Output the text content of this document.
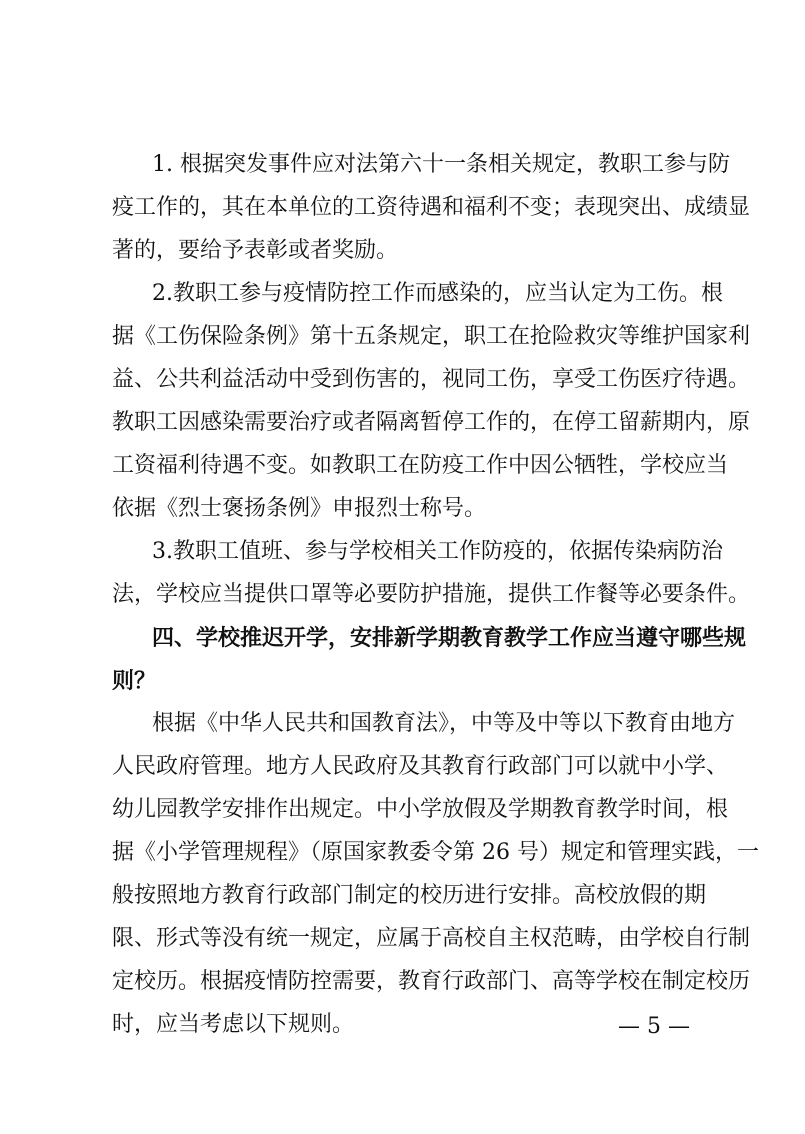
1. 根据突发事件应对法第六十一条相关规定，教职工参与防
疫工作的，其在本单位的工资待遇和福利不变；表现突出、成绩显
著的，要给予表彰或者奖励。
2.教职工参与疫情防控工作而感染的，应当认定为工伤。根
据《工伤保险条例》第十五条规定，职工在抢险救灾等维护国家利
益、公共利益活动中受到伤害的，视同工伤，享受工伤医疗待遇。
教职工因感染需要治疗或者隔离暂停工作的，在停工留薪期内，原
工资福利待遇不变。如教职工在防疫工作中因公牺牲，学校应当
依据《烈士褒扬条例》申报烈士称号。
3.教职工值班、参与学校相关工作防疫的，依据传染病防治
法，学校应当提供口罩等必要防护措施，提供工作餐等必要条件。
四、学校推迟开学，安排新学期教育教学工作应当遵守哪些规
则？
根据《中华人民共和国教育法》，中等及中等以下教育由地方
人民政府管理。地方人民政府及其教育行政部门可以就中小学、
幼儿园教学安排作出规定。中小学放假及学期教育教学时间，根
据《小学管理规程》（原国家教委令第 26 号）规定和管理实践，一
般按照地方教育行政部门制定的校历进行安排。高校放假的期
限、形式等没有统一规定，应属于高校自主权范畴，由学校自行制
定校历。根据疫情防控需要，教育行政部门、高等学校在制定校历
时，应当考虑以下规则。	— 5 —
